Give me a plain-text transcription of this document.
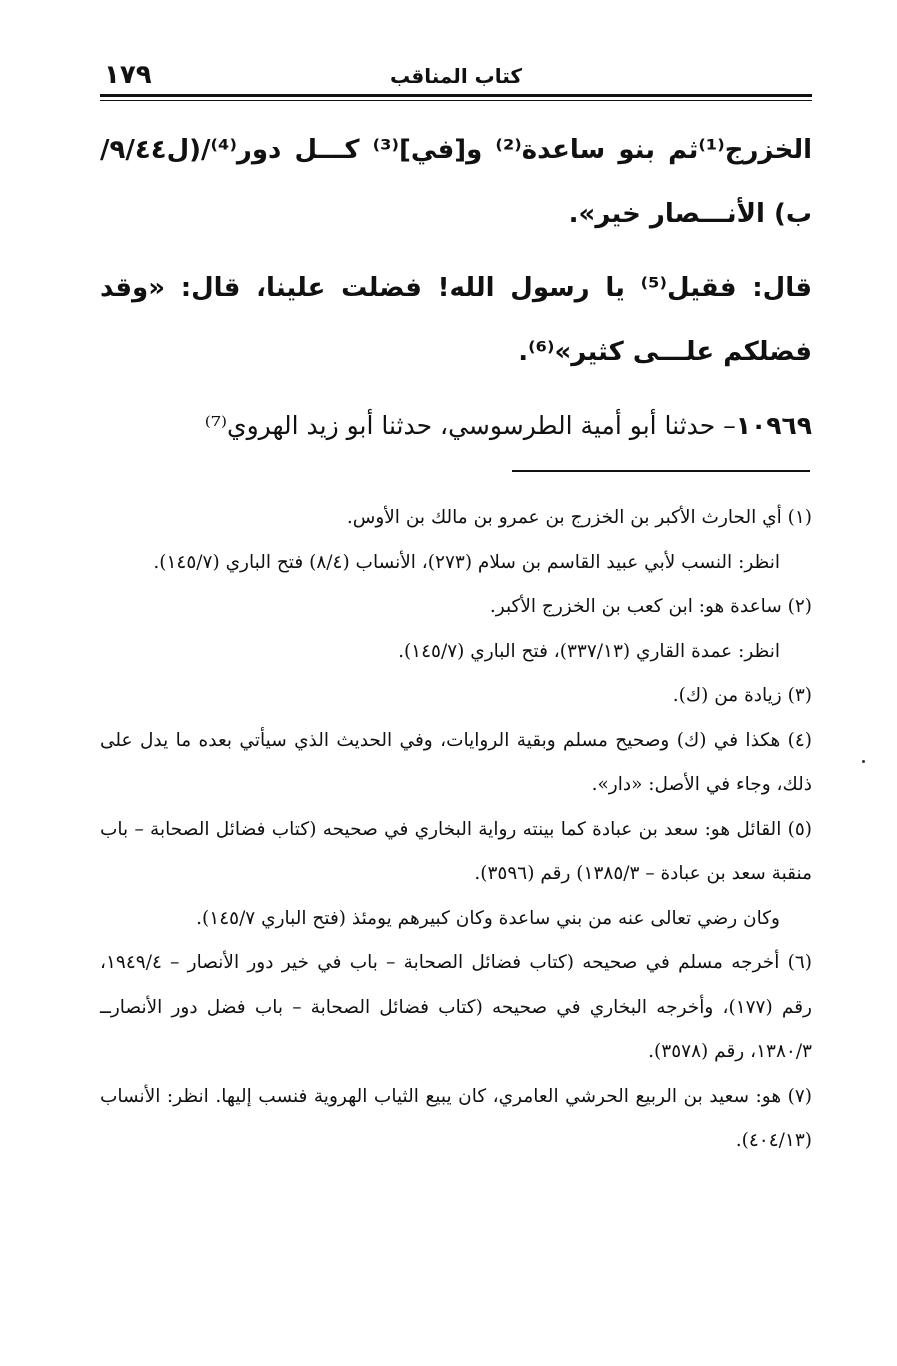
١٧٩	كتاب المناقب

الخزرج⁽¹⁾ثم بنو ساعدة⁽²⁾ و[في]⁽³⁾ كـــل دور⁽⁴⁾/(ل٩/٤٤/ب) الأنـــصار خير».

قال: فقيل⁽⁵⁾ يا رسول الله! فضلت علينا، قال: «وقد فضلكم علـــى كثير»⁽⁶⁾.

١٠٩٦٩– حدثنا أبو أمية الطرسوسي، حدثنا أبو زيد الهروي⁽⁷⁾

(١) أي الحارث الأكبر بن الخزرج بن عمرو بن مالك بن الأوس.

انظر: النسب لأبي عبيد القاسم بن سلام (٢٧٣)، الأنساب (٨/٤) فتح الباري (١٤٥/٧).

(٢) ساعدة هو: ابن كعب بن الخزرج الأكبر.

انظر: عمدة القاري (٣٣٧/١٣)، فتح الباري (١٤٥/٧).

(٣) زيادة من (ك).

(٤) هكذا في (ك) وصحيح مسلم وبقية الروايات، وفي الحديث الذي سيأتي بعده ما يدل على ذلك، وجاء في الأصل: «دار».

(٥) القائل هو: سعد بن عبادة كما بينته رواية البخاري في صحيحه (كتاب فضائل الصحابة – باب منقبة سعد بن عبادة – ١٣٨٥/٣) رقم (٣٥٩٦).

وكان رضي تعالى عنه من بني ساعدة وكان كبيرهم يومئذ (فتح الباري ١٤٥/٧).

(٦) أخرجه مسلم في صحيحه (كتاب فضائل الصحابة – باب في خير دور الأنصار – ١٩٤٩/٤، رقم (١٧٧)، وأخرجه البخاري في صحيحه (كتاب فضائل الصحابة – باب فضل دور الأنصارــ ١٣٨٠/٣، رقم (٣٥٧٨).

(٧) هو: سعيد بن الربيع الحرشي العامري، كان يبيع الثياب الهروية فنسب إليها. انظر: الأنساب (٤٠٤/١٣).
